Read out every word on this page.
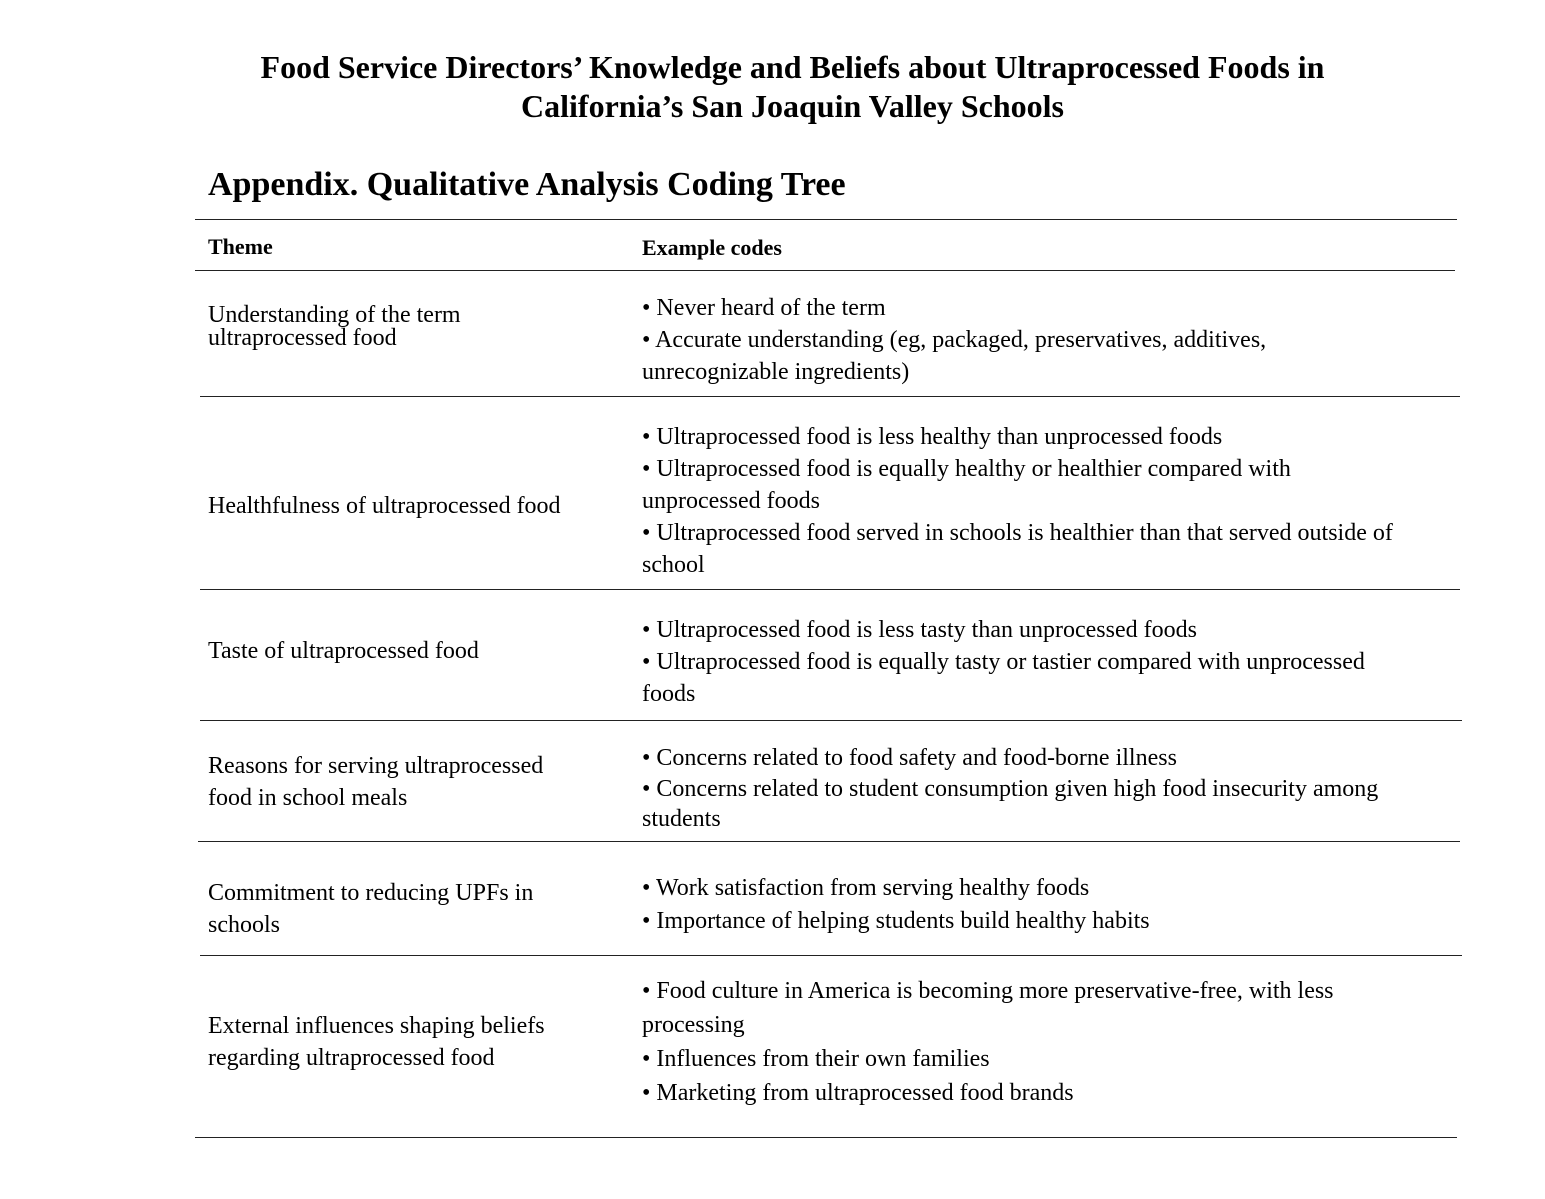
Food Service Directors’ Knowledge and Beliefs about Ultraprocessed Foods in
California’s San Joaquin Valley Schools
Appendix. Qualitative Analysis Coding Tree
Theme	Example codes
Understanding of the term
ultraprocessed food
• Never heard of the term
• Accurate understanding (eg, packaged, preservatives, additives,
unrecognizable ingredients)
Healthfulness of ultraprocessed food
• Ultraprocessed food is less healthy than unprocessed foods
• Ultraprocessed food is equally healthy or healthier compared with
unprocessed foods
• Ultraprocessed food served in schools is healthier than that served outside of
school
Taste of ultraprocessed food
• Ultraprocessed food is less tasty than unprocessed foods
• Ultraprocessed food is equally tasty or tastier compared with unprocessed
foods
Reasons for serving ultraprocessed
food in school meals
• Concerns related to food safety and food-borne illness
• Concerns related to student consumption given high food insecurity among
students
Commitment to reducing UPFs in
schools
• Work satisfaction from serving healthy foods
• Importance of helping students build healthy habits
External influences shaping beliefs
regarding ultraprocessed food
• Food culture in America is becoming more preservative-free, with less
processing
• Influences from their own families
• Marketing from ultraprocessed food brands
